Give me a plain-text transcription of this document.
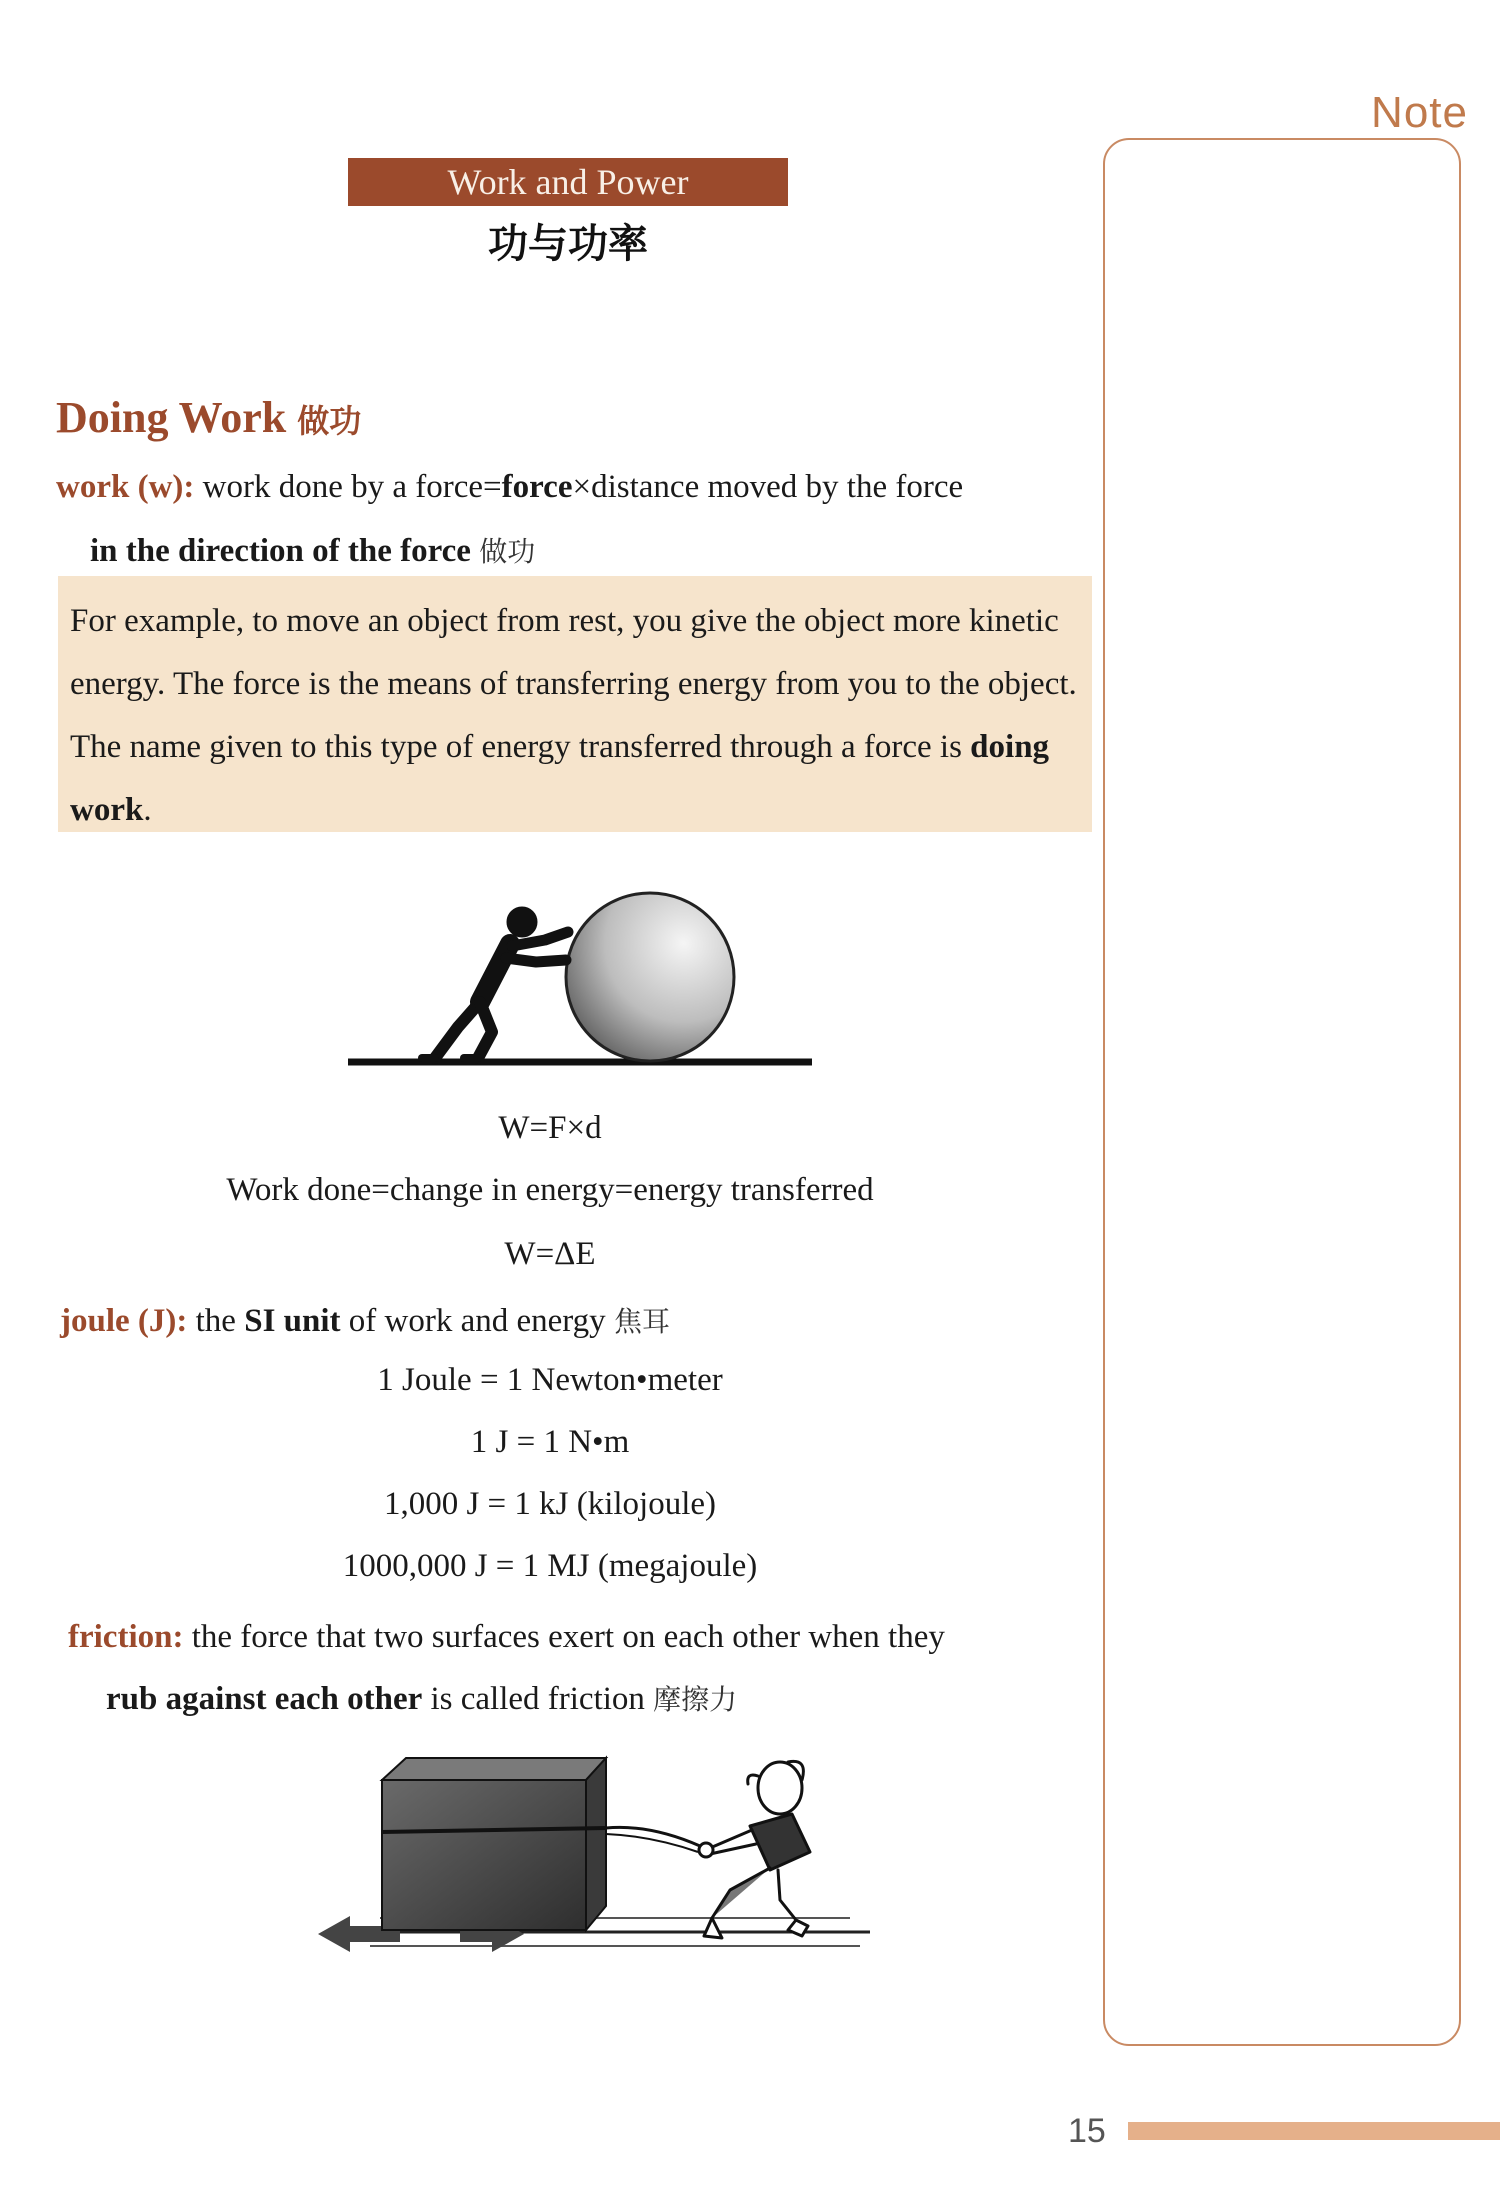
Note
Work and Power
功与功率
Doing Work 做功
work (w): work done by a force=force×distance moved by the force
in the direction of the force 做功
For example, to move an object from rest, you give the object more kinetic energy. The force is the means of transferring energy from you to the object. The name given to this type of energy transferred through a force is doing work.
W=F×d
Work done=change in energy=energy transferred
W=ΔE
joule (J): the SI unit of work and energy 焦耳
1 Joule = 1 Newton•meter
1 J = 1 N•m
1,000 J = 1 kJ (kilojoule)
1000,000 J = 1 MJ (megajoule)
friction: the force that two surfaces exert on each other when they
rub against each other is called friction 摩擦力
15
